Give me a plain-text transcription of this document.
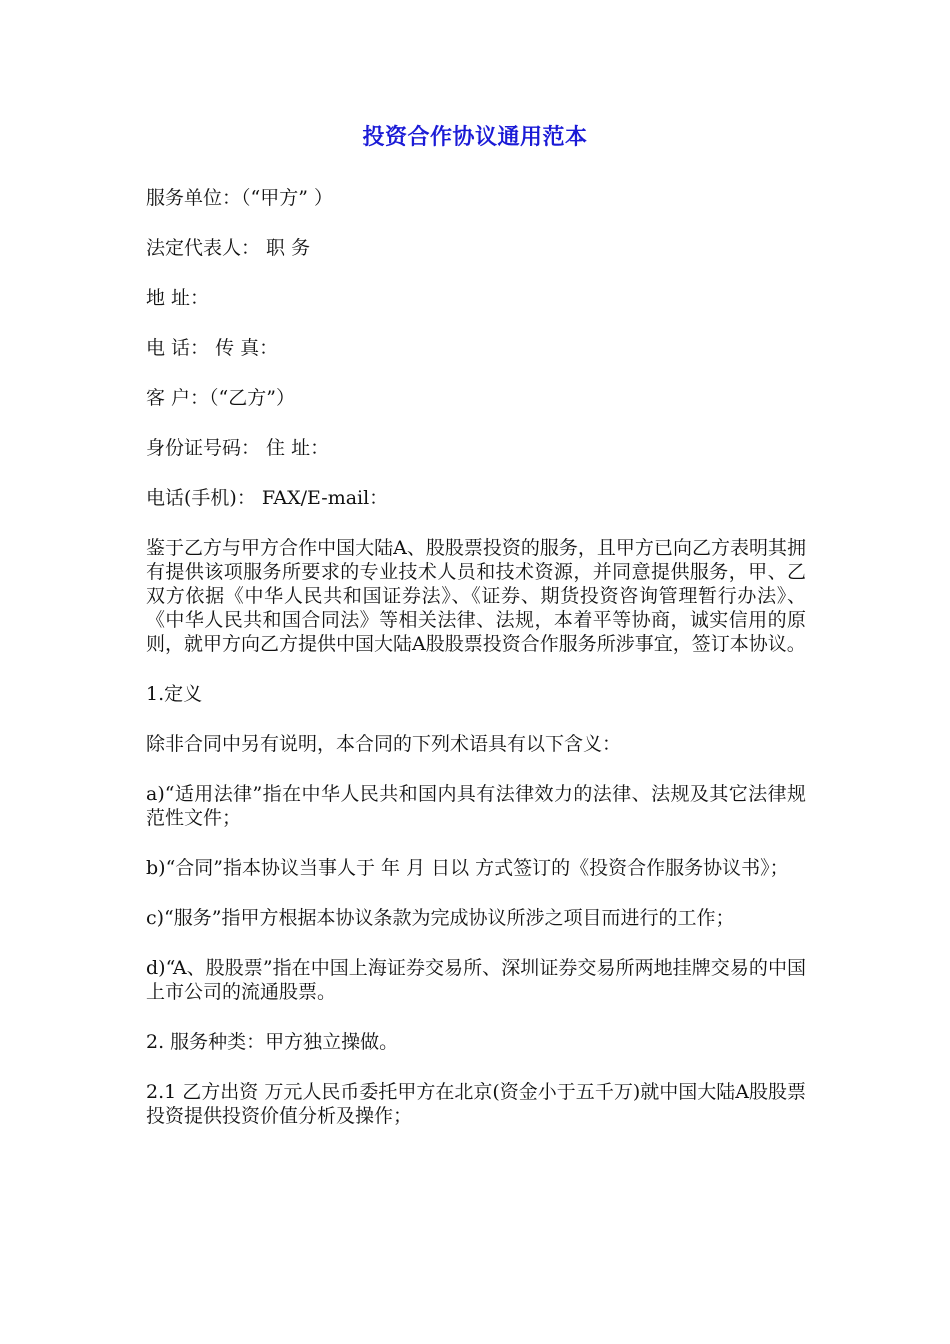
投资合作协议通用范本

服务单位：（“甲方” ）

法定代表人： 职 务

地 址：

电 话： 传 真：

客 户：（“乙方”）

身份证号码： 住 址：

电话(手机)： FAX/E-mail：

鉴于乙方与甲方合作中国大陆A、股股票投资的服务，且甲方已向乙方表明其拥有提供该项服务所要求的专业技术人员和技术资源，并同意提供服务，甲、乙双方依据《中华人民共和国证券法》、《证券、期货投资咨询管理暂行办法》、《中华人民共和国合同法》等相关法律、法规，本着平等协商，诚实信用的原则，就甲方向乙方提供中国大陆A股股票投资合作服务所涉事宜，签订本协议。

1.定义

除非合同中另有说明，本合同的下列术语具有以下含义：

a)“适用法律”指在中华人民共和国内具有法律效力的法律、法规及其它法律规范性文件；

b)“合同”指本协议当事人于 年 月 日以 方式签订的《投资合作服务协议书》；

c)“服务”指甲方根据本协议条款为完成协议所涉之项目而进行的工作；

d)“A、股股票”指在中国上海证券交易所、深圳证券交易所两地挂牌交易的中国上市公司的流通股票。

2. 服务种类：甲方独立操做。

2.1 乙方出资 万元人民币委托甲方在北京(资金小于五千万)就中国大陆A股股票投资提供投资价值分析及操作；
